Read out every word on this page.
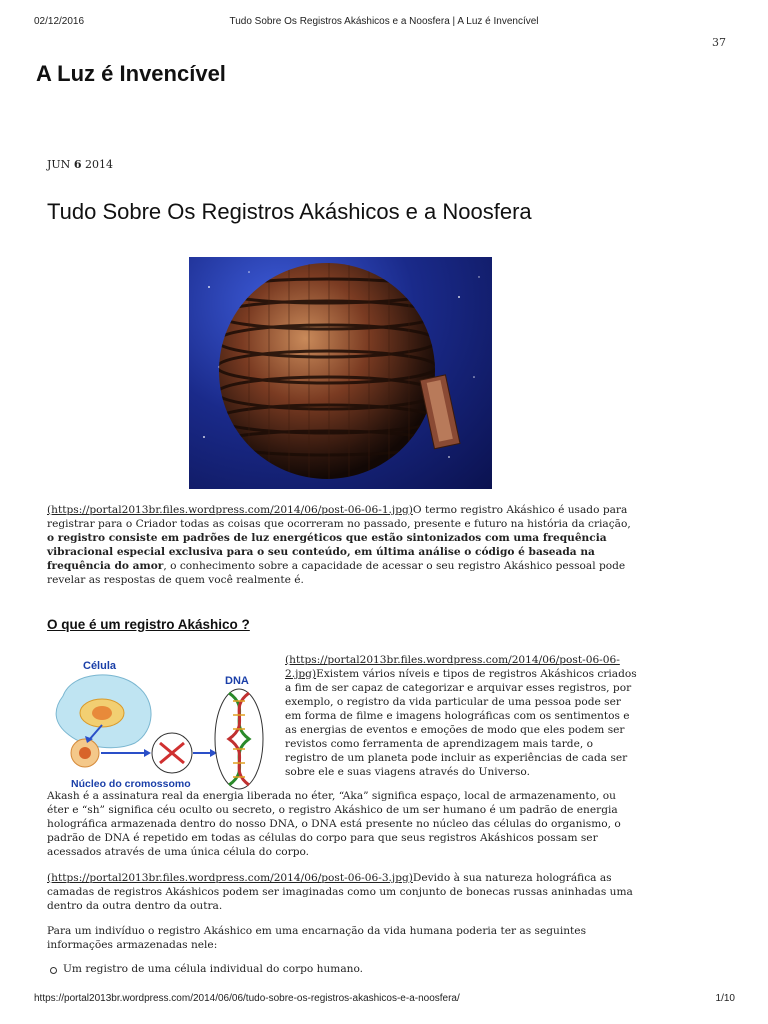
02/12/2016	Tudo Sobre Os Registros Akáshicos e a Noosfera | A Luz é Invencível
37
A Luz é Invencível
JUN 6 2014
Tudo Sobre Os Registros Akáshicos e a Noosfera

(https://portal2013br.files.wordpress.com/2014/06/post-06-06-1.jpg)O termo registro Akáshico é usado para registrar para o Criador todas as coisas que ocorreram no passado, presente e futuro na história da criação, o registro consiste em padrões de luz energéticos que estão sintonizados com uma frequência vibracional especial exclusiva para o seu conteúdo, em última análise o código é baseada na frequência do amor, o conhecimento sobre a capacidade de acessar o seu registro Akáshico pessoal pode revelar as respostas de quem você realmente é.

O que é um registro Akáshico ?
Célula
DNA
Núcleo do cromossomo

(https://portal2013br.files.wordpress.com/2014/06/post-06-06-2.jpg)Existem vários níveis e tipos de registros Akáshicos criados a fim de ser capaz de categorizar e arquivar esses registros, por exemplo, o registro da vida particular de uma pessoa pode ser em forma de filme e imagens holográficas com os sentimentos e as energias de eventos e emoções de modo que eles podem ser revistos como ferramenta de aprendizagem mais tarde, o registro de um planeta pode incluir as experiências de cada ser sobre ele e suas viagens através do Universo.

Akash é a assinatura real da energia liberada no éter, “Aka” significa espaço, local de armazenamento, ou éter e “sh” significa céu oculto ou secreto, o registro Akáshico de um ser humano é um padrão de energia holográfica armazenada dentro do nosso DNA, o DNA está presente no núcleo das células do organismo, o padrão de DNA é repetido em todas as células do corpo para que seus registros Akáshicos possam ser acessados através de uma única célula do corpo.

(https://portal2013br.files.wordpress.com/2014/06/post-06-06-3.jpg)Devido à sua natureza holográfica as camadas de registros Akáshicos podem ser imaginadas como um conjunto de bonecas russas aninhadas uma dentro da outra dentro da outra.

Para um indivíduo o registro Akáshico em uma encarnação da vida humana poderia ter as seguintes informações armazenadas nele:

Um registro de uma célula individual do corpo humano.
https://portal2013br.wordpress.com/2014/06/06/tudo-sobre-os-registros-akashicos-e-a-noosfera/	1/10
